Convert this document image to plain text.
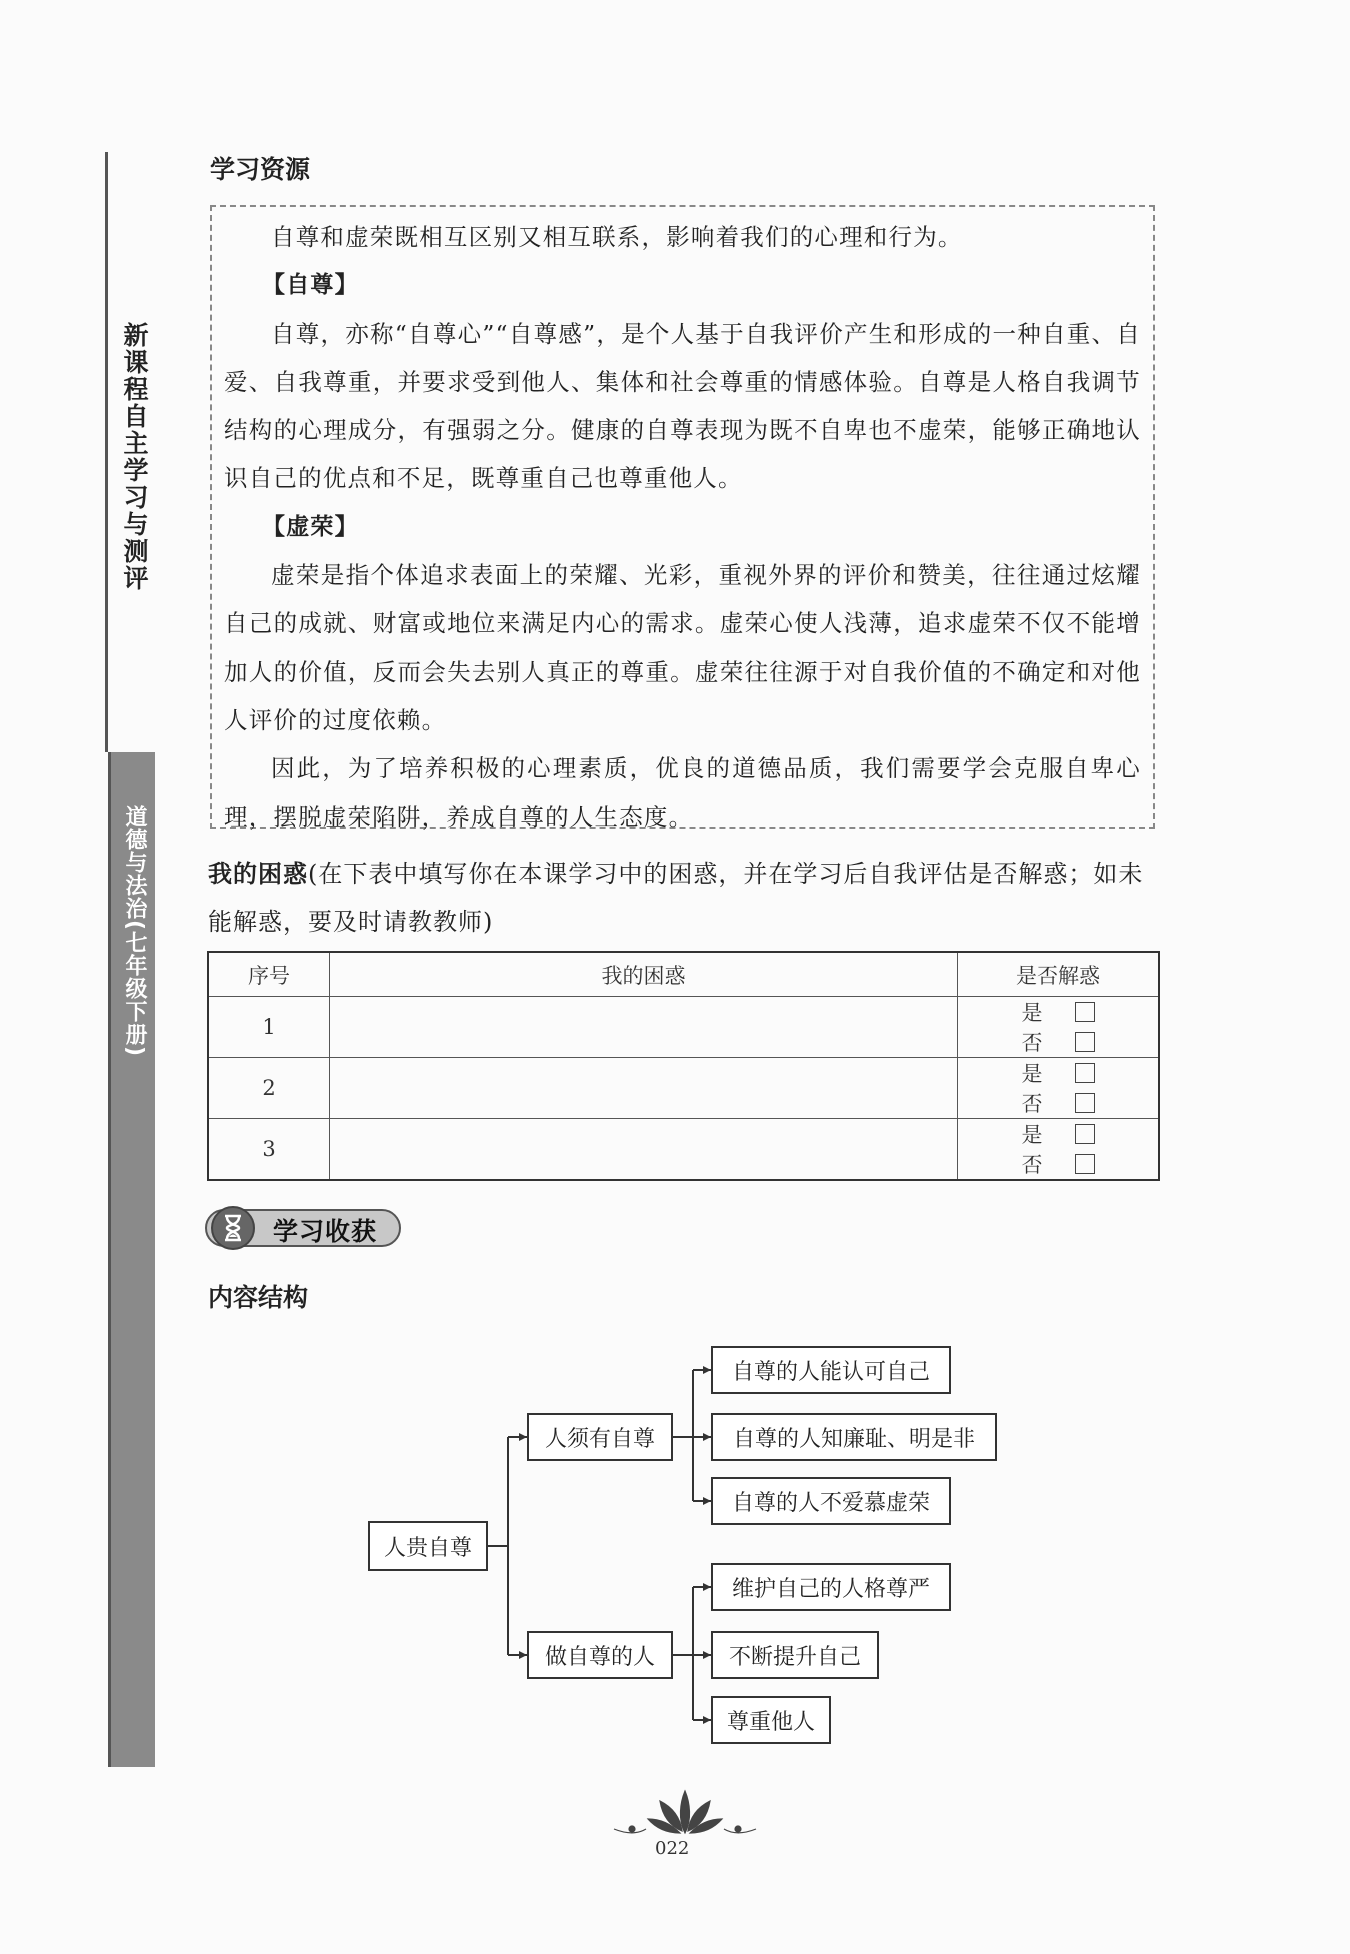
新课程自主学习与测评
道德与法治(七年级下册)
学习资源

自尊和虚荣既相互区别又相互联系，影响着我们的心理和行为。

【自尊】

自尊，亦称“自尊心”“自尊感”，是个人基于自我评价产生和形成的一种自重、自爱、自我尊重，并要求受到他人、集体和社会尊重的情感体验。自尊是人格自我调节结构的心理成分，有强弱之分。健康的自尊表现为既不自卑也不虚荣，能够正确地认识自己的优点和不足，既尊重自己也尊重他人。

【虚荣】

虚荣是指个体追求表面上的荣耀、光彩，重视外界的评价和赞美，往往通过炫耀自己的成就、财富或地位来满足内心的需求。虚荣心使人浅薄，追求虚荣不仅不能增加人的价值，反而会失去别人真正的尊重。虚荣往往源于对自我价值的不确定和对他人评价的过度依赖。

因此，为了培养积极的心理素质，优良的道德品质，我们需要学会克服自卑心理，摆脱虚荣陷阱，养成自尊的人生态度。

我的困惑(在下表中填写你在本课学习中的困惑，并在学习后自我评估是否解惑；如未能解惑，要及时请教教师)
序号	我的困惑	是否解惑
1		是 否
2		是 否
3		是 否
学习收获
内容结构
人贵自尊
人须有自尊
做自尊的人
自尊的人能认可自己
自尊的人知廉耻、明是非
自尊的人不爱慕虚荣
维护自己的人格尊严
不断提升自己
尊重他人
022
